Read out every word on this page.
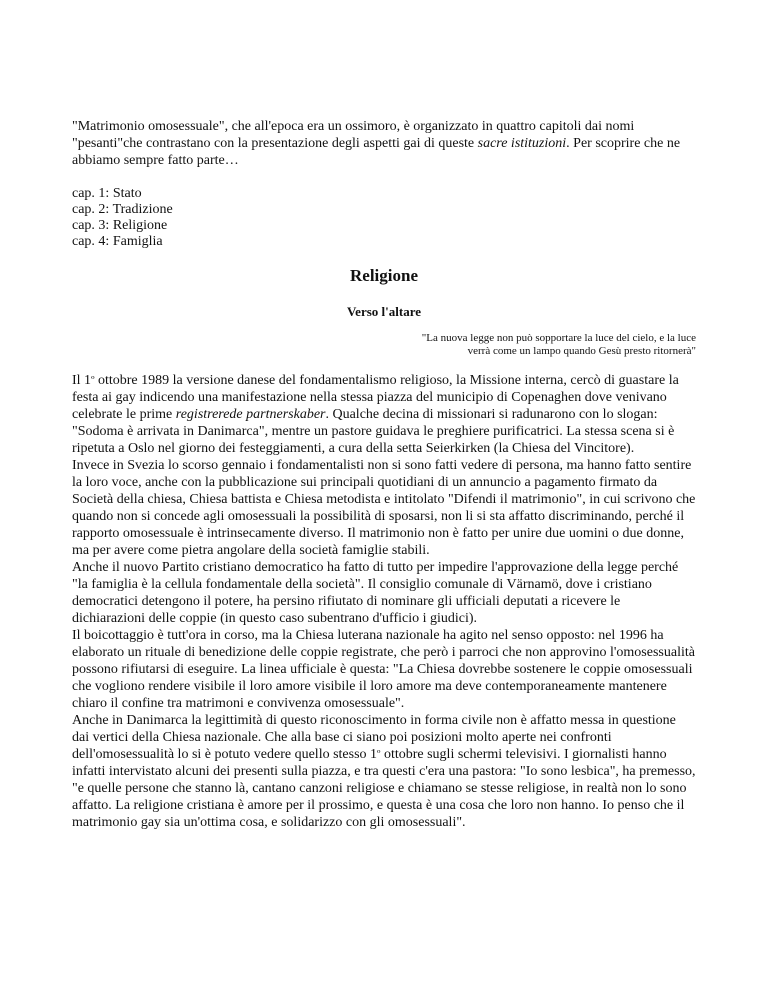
"Matrimonio omosessuale", che all'epoca era un ossimoro, è organizzato in quattro capitoli dai nomi "pesanti"che contrastano con la presentazione degli aspetti gai di queste sacre istituzioni. Per scoprire che ne abbiamo sempre fatto parte…

cap. 1: Stato
cap. 2: Tradizione
cap. 3: Religione
cap. 4: Famiglia
Religione
Verso l'altare
"La nuova legge non può sopportare la luce del cielo, e la luce
verrà come un lampo quando Gesù presto ritornerà"

Il $1^º$ ottobre 1989 la versione danese del fondamentalismo religioso, la Missione interna, cercò di guastare la festa ai gay indicendo una manifestazione nella stessa piazza del municipio di Copenaghen dove venivano celebrate le prime registrerede partnerskaber. Qualche decina di missionari si radunarono con lo slogan: "Sodoma è arrivata in Danimarca", mentre un pastore guidava le preghiere purificatrici. La stessa scena si è ripetuta a Oslo nel giorno dei festeggiamenti, a cura della setta Seierkirken (la Chiesa del Vincitore).

Invece in Svezia lo scorso gennaio i fondamentalisti non si sono fatti vedere di persona, ma hanno fatto sentire la loro voce, anche con la pubblicazione sui principali quotidiani di un annuncio a pagamento firmato da Società della chiesa, Chiesa battista e Chiesa metodista e intitolato "Difendi il matrimonio", in cui scrivono che quando non si concede agli omosessuali la possibilità di sposarsi, non li si sta affatto discriminando, perché il rapporto omosessuale è intrinsecamente diverso. Il matrimonio non è fatto per unire due uomini o due donne, ma per avere come pietra angolare della società famiglie stabili.

Anche il nuovo Partito cristiano democratico ha fatto di tutto per impedire l'approvazione della legge perché "la famiglia è la cellula fondamentale della società". Il consiglio comunale di Värnamö, dove i cristiano democratici detengono il potere, ha persino rifiutato di nominare gli ufficiali deputati a ricevere le dichiarazioni delle coppie (in questo caso subentrano d'ufficio i giudici).

Il boicottaggio è tutt'ora in corso, ma la Chiesa luterana nazionale ha agito nel senso opposto: nel 1996 ha elaborato un rituale di benedizione delle coppie registrate, che però i parroci che non approvino l'omosessualità possono rifiutarsi di eseguire. La linea ufficiale è questa: "La Chiesa dovrebbe sostenere le coppie omosessuali che vogliono rendere visibile il loro amore visibile il loro amore ma deve contemporaneamente mantenere chiaro il confine tra matrimoni e convivenza omosessuale".

Anche in Danimarca la legittimità di questo riconoscimento in forma civile non è affatto messa in questione dai vertici della Chiesa nazionale. Che alla base ci siano poi posizioni molto aperte nei confronti dell'omosessualità lo si è potuto vedere quello stesso $1^º$ ottobre sugli schermi televisivi. I giornalisti hanno infatti intervistato alcuni dei presenti sulla piazza, e tra questi c'era una pastora: "Io sono lesbica", ha premesso, "e quelle persone che stanno là, cantano canzoni religiose e chiamano se stesse religiose, in realtà non lo sono affatto. La religione cristiana è amore per il prossimo, e questa è una cosa che loro non hanno. Io penso che il matrimonio gay sia un'ottima cosa, e solidarizzo con gli omosessuali".
